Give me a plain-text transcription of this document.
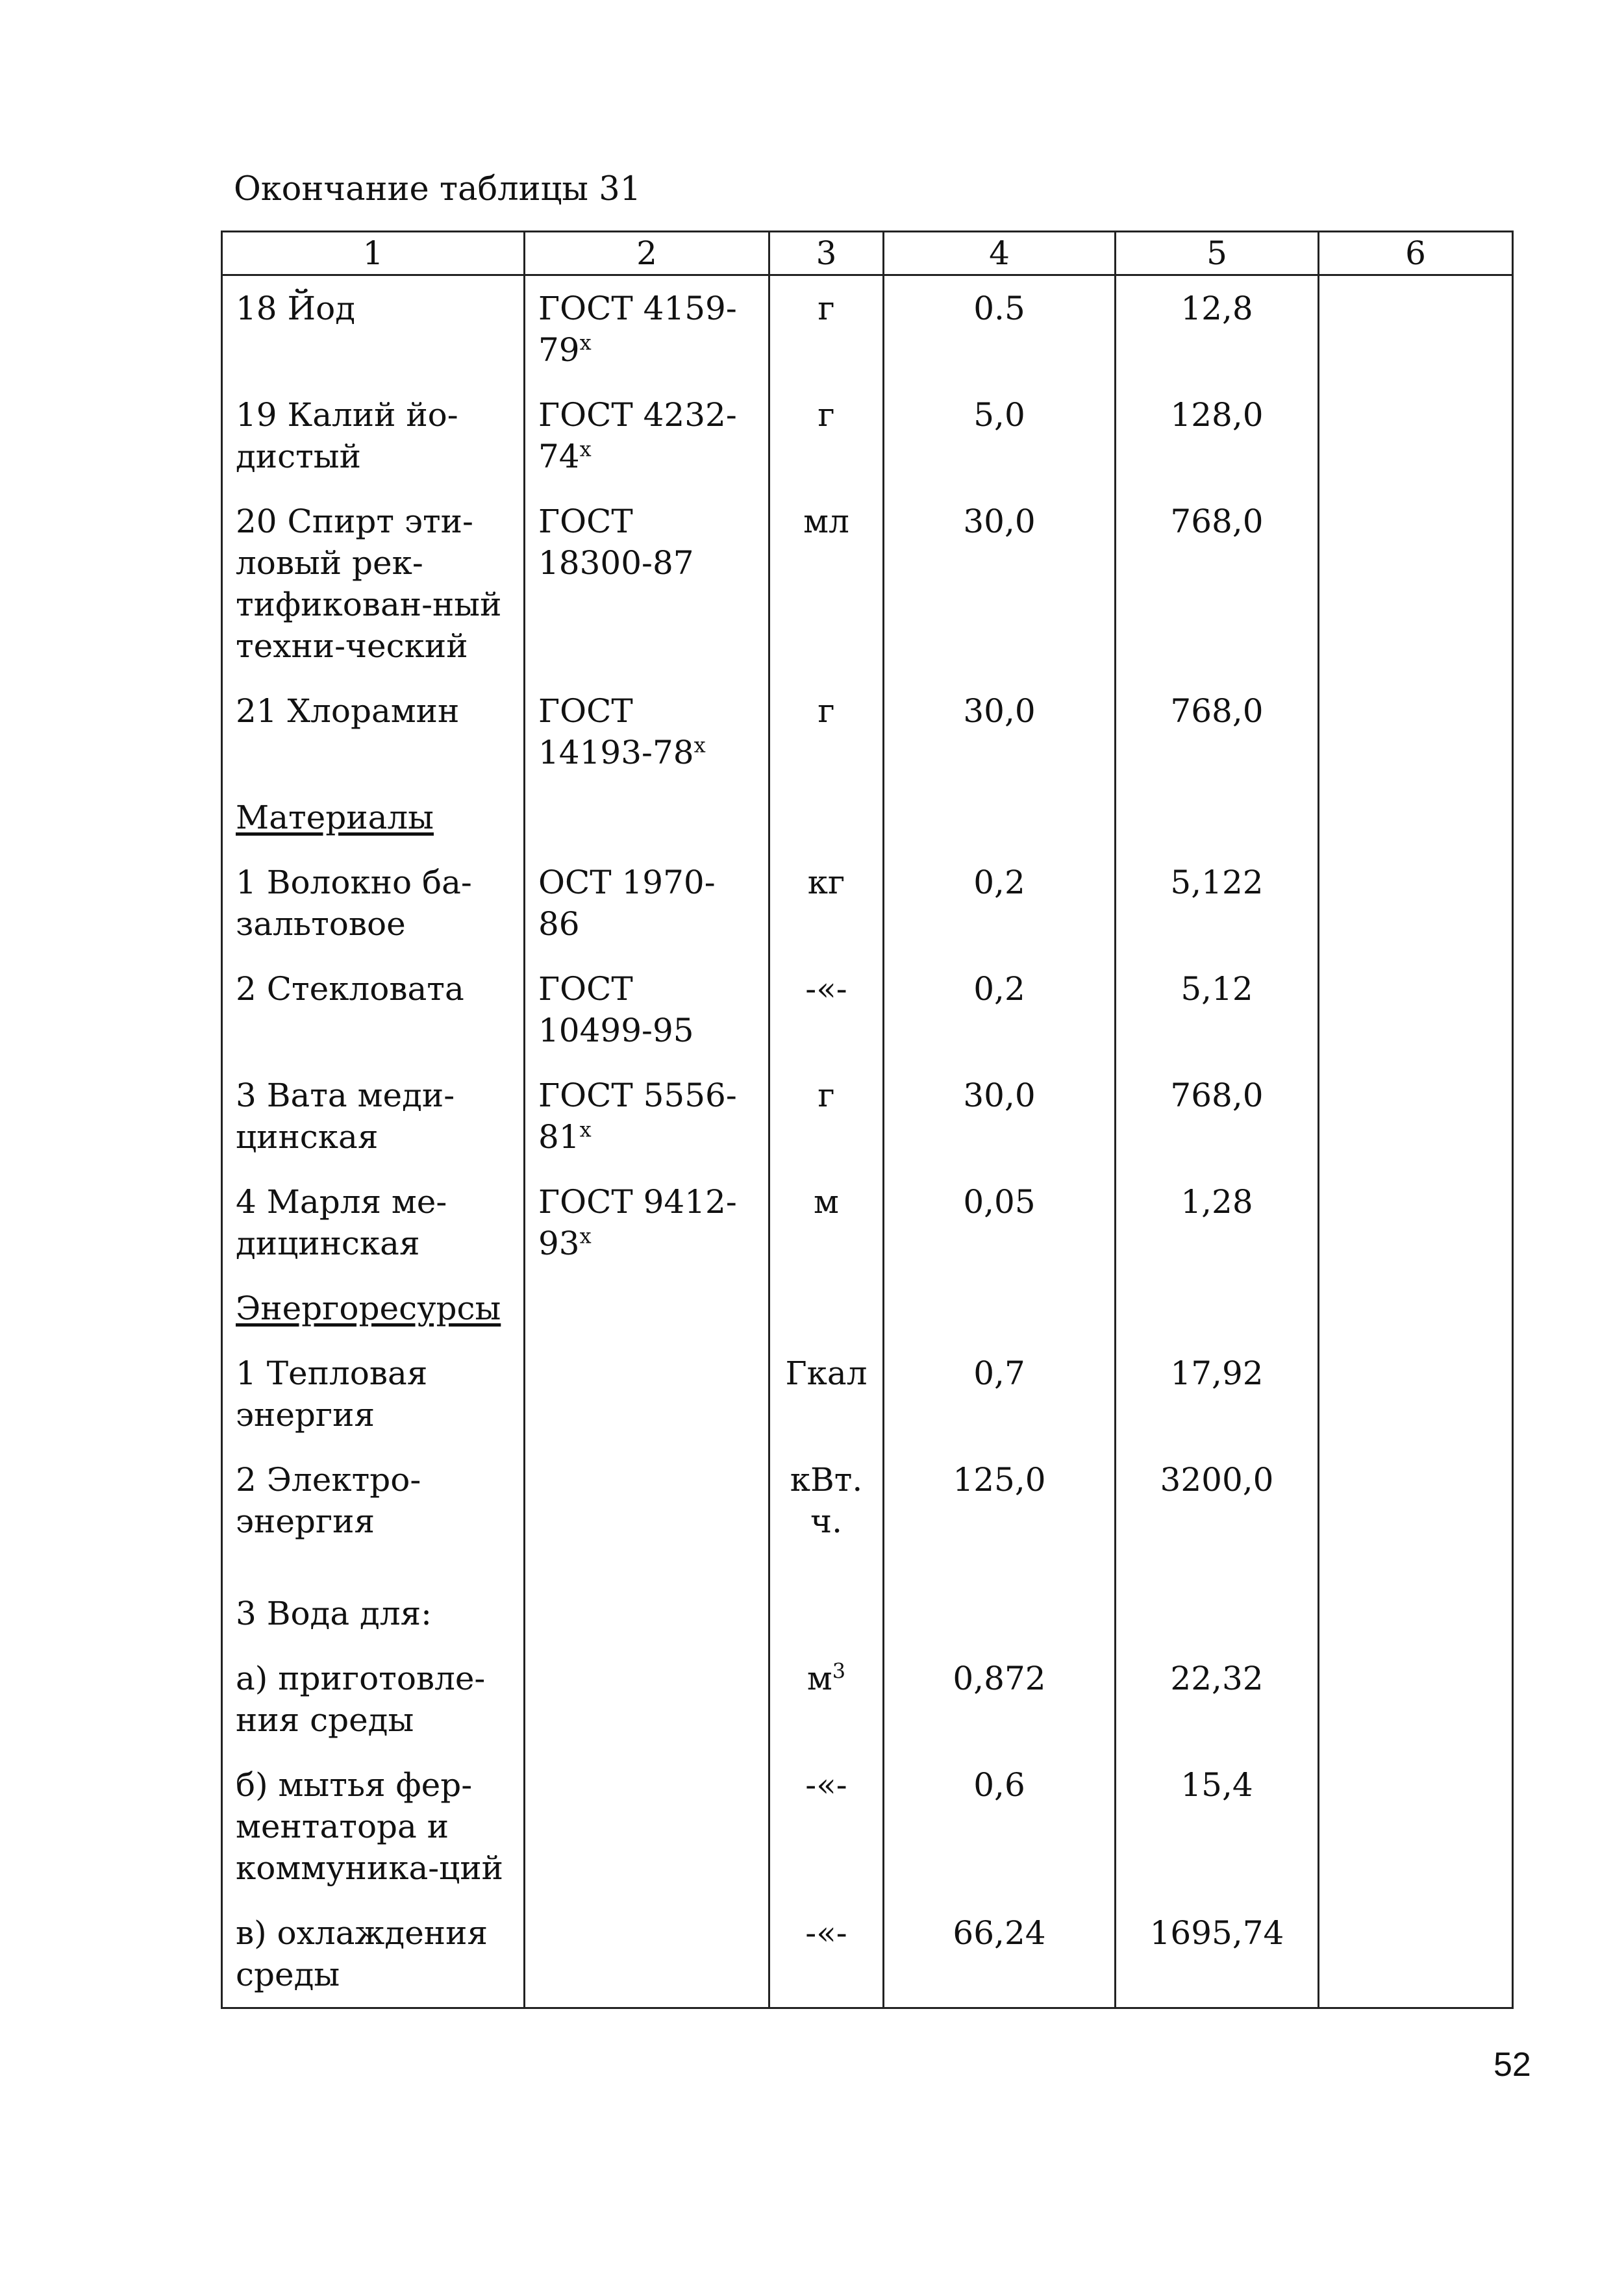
Окончание таблицы 31
1	2	3	4	5	6
18 Йод	ГОСТ $4159-79^х$	г	0.5	12,8	
19 Калий йо-дистый	ГОСТ $4232-74^х$	г	5,0	128,0	
20 Спирт эти-ловый рек-тификован-ный техни-ческий	ГОСТ 18300-87	мл	30,0	768,0	
21 Хлорамин	ГОСТ $14193-78^х$	г	30,0	768,0	
Материалы					
1 Волокно ба-зальтовое	ОСТ 1970-86	кг	0,2	5,122	
2 Стекловата	ГОСТ 10499-95	-«-	0,2	5,12	
3 Вата меди-цинская	ГОСТ $5556-81^х$	г	30,0	768,0	
4 Марля ме-дицинская	ГОСТ $9412-93^х$	м	0,05	1,28	
Энергоресурсы					
1 Тепловая энергия		Гкал	0,7	17,92	
2 Электро-энергия		кВт. ч.	125,0	3200,0	
3 Вода для:					
а) приготовле-ния среды		$м^3$	0,872	22,32	
б) мытья фер-ментатора и коммуника-ций		-«-	0,6	15,4	
в) охлаждения среды		-«-	66,24	1695,74	
52
